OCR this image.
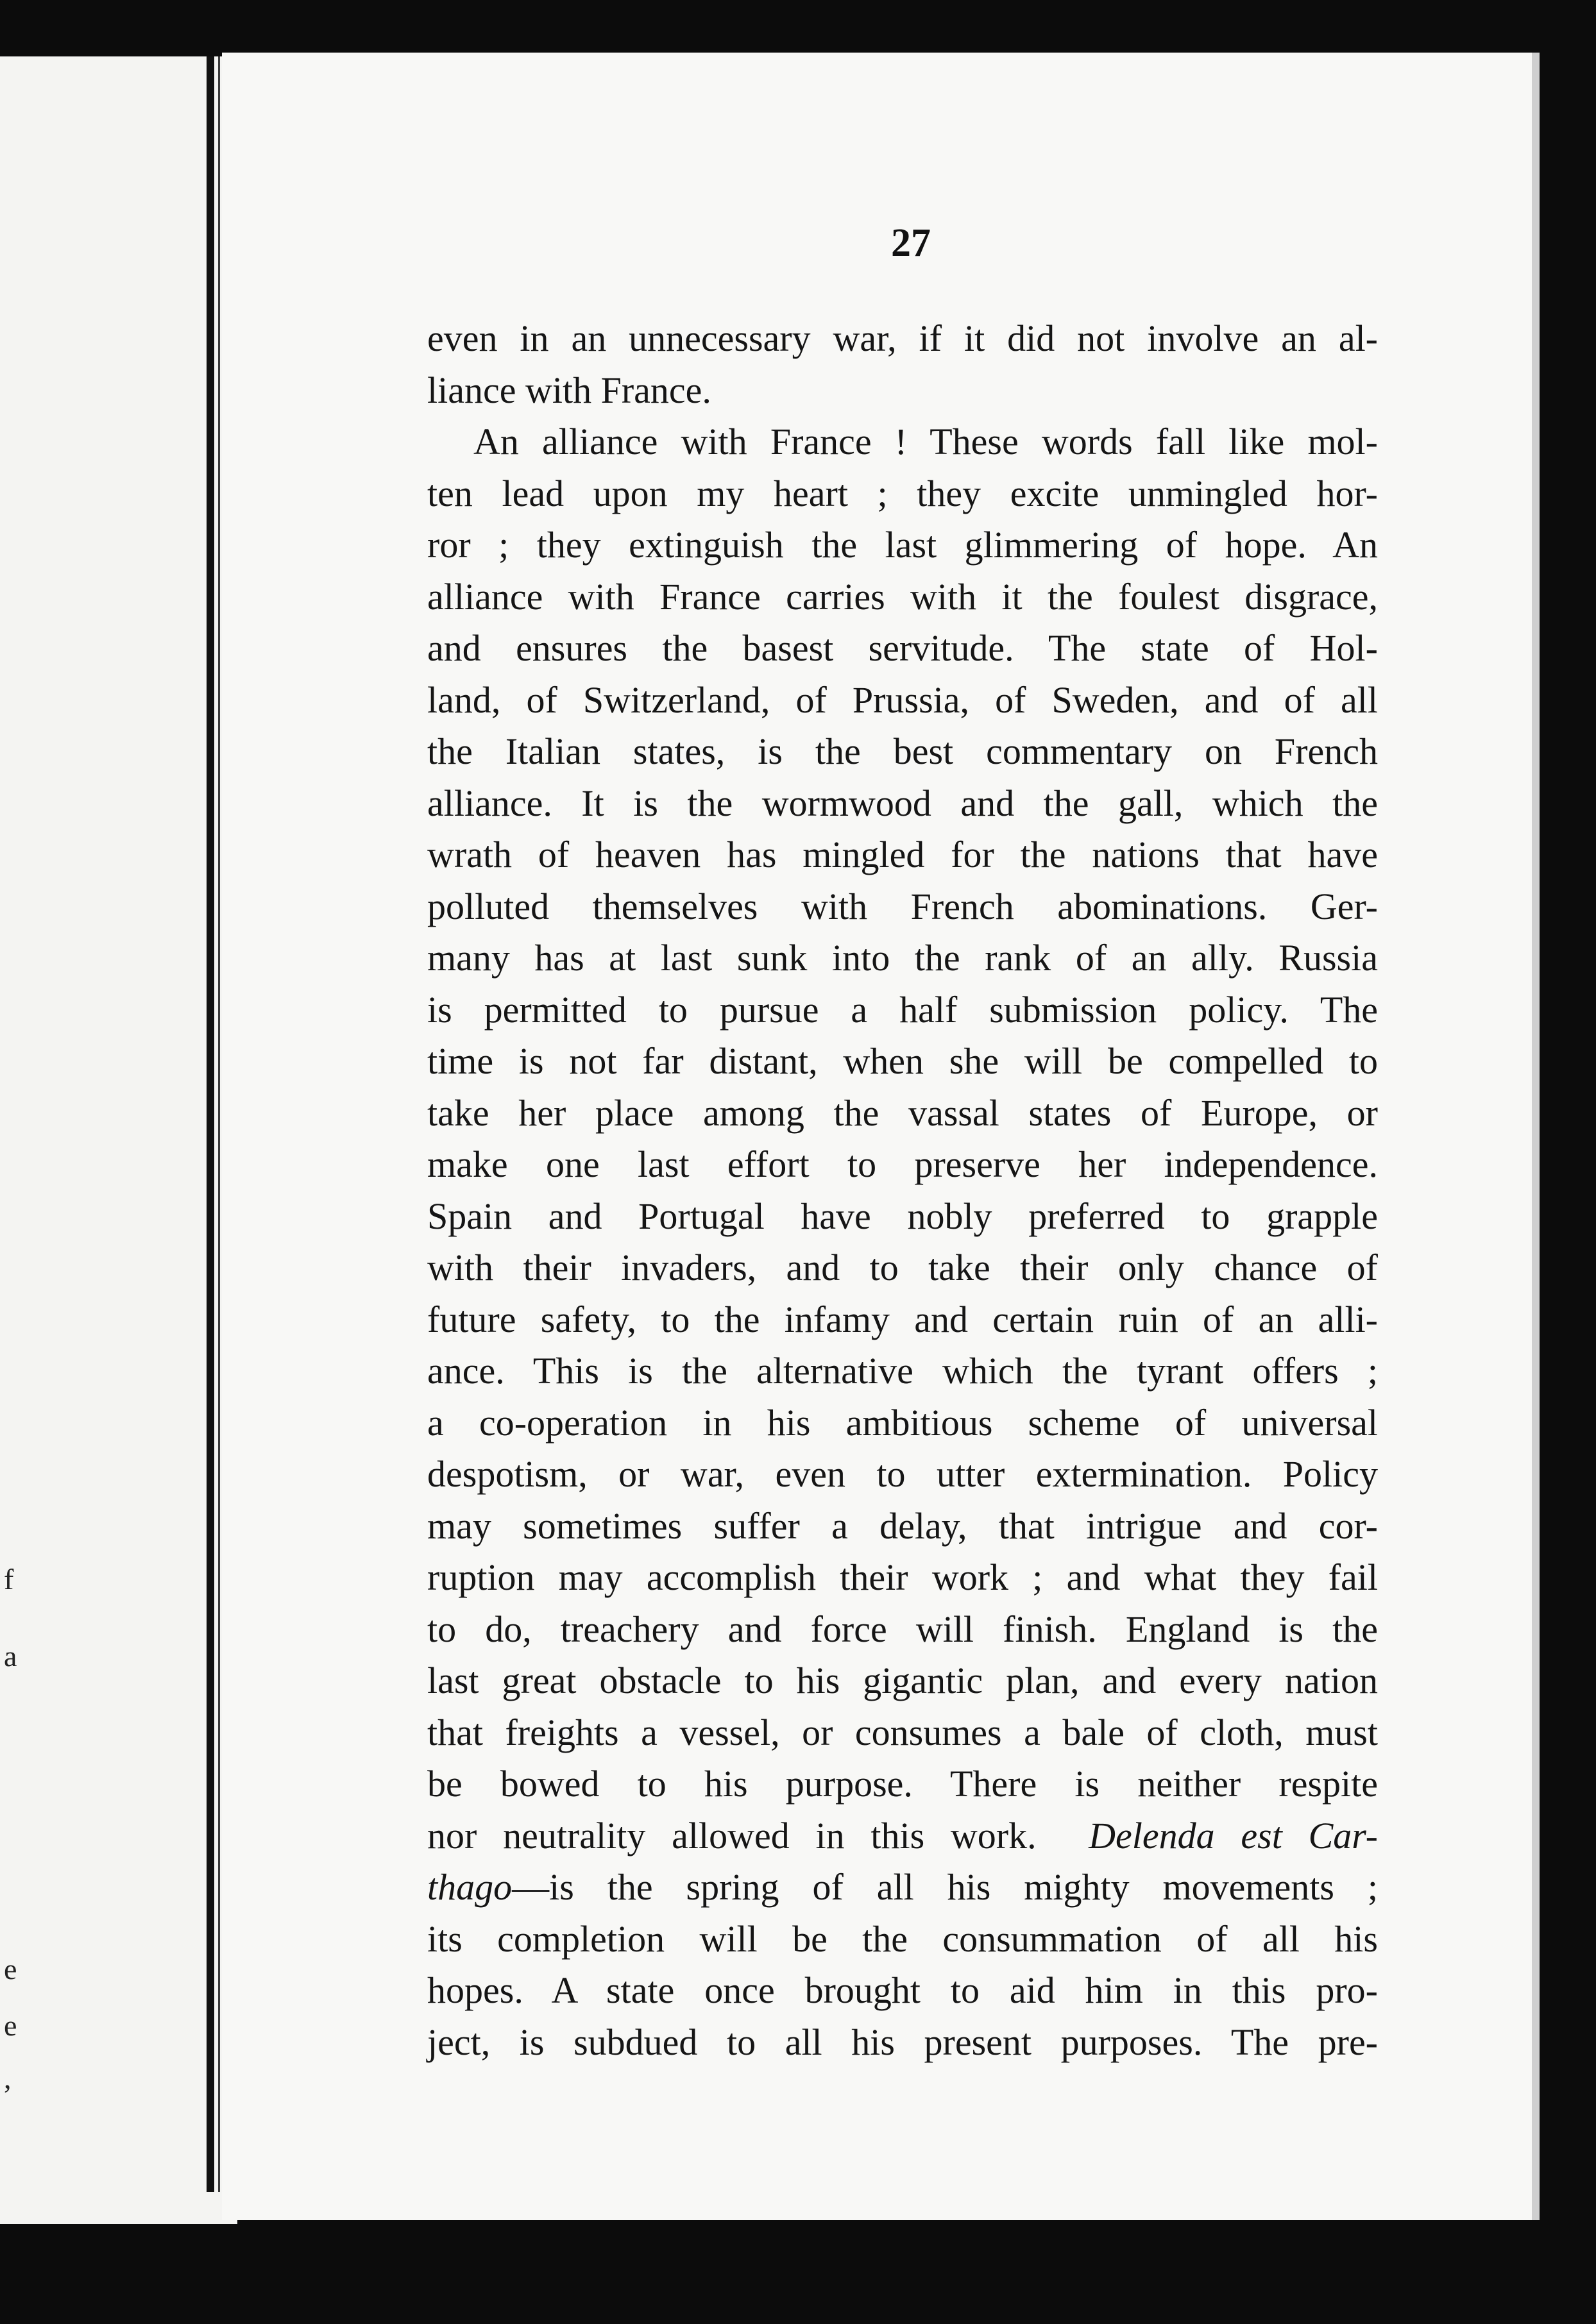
f
a
e
e
,
27
even in an unnecessary war, if it did not involve an al-
liance with France.
An alliance with France ! These words fall like mol-
ten lead upon my heart ; they excite unmingled hor-
ror ; they extinguish the last glimmering of hope. An
alliance with France carries with it the foulest disgrace,
and ensures the basest servitude. The state of Hol-
land, of Switzerland, of Prussia, of Sweden, and of all
the Italian states, is the best commentary on French
alliance. It is the wormwood and the gall, which the
wrath of heaven has mingled for the nations that have
polluted themselves with French abominations. Ger-
many has at last sunk into the rank of an ally. Russia
is permitted to pursue a half submission policy. The
time is not far distant, when she will be compelled to
take her place among the vassal states of Europe, or
make one last effort to preserve her independence.
Spain and Portugal have nobly preferred to grapple
with their invaders, and to take their only chance of
future safety, to the infamy and certain ruin of an alli-
ance. This is the alternative which the tyrant offers ;
a co-operation in his ambitious scheme of universal
despotism, or war, even to utter extermination. Policy
may sometimes suffer a delay, that intrigue and cor-
ruption may accomplish their work ; and what they fail
to do, treachery and force will finish. England is the
last great obstacle to his gigantic plan, and every nation
that freights a vessel, or consumes a bale of cloth, must
be bowed to his purpose. There is neither respite
nor neutrality allowed in this work. Delenda est Car-
thago—is the spring of all his mighty movements ;
its completion will be the consummation of all his
hopes. A state once brought to aid him in this pro-
ject, is subdued to all his present purposes. The pre-
